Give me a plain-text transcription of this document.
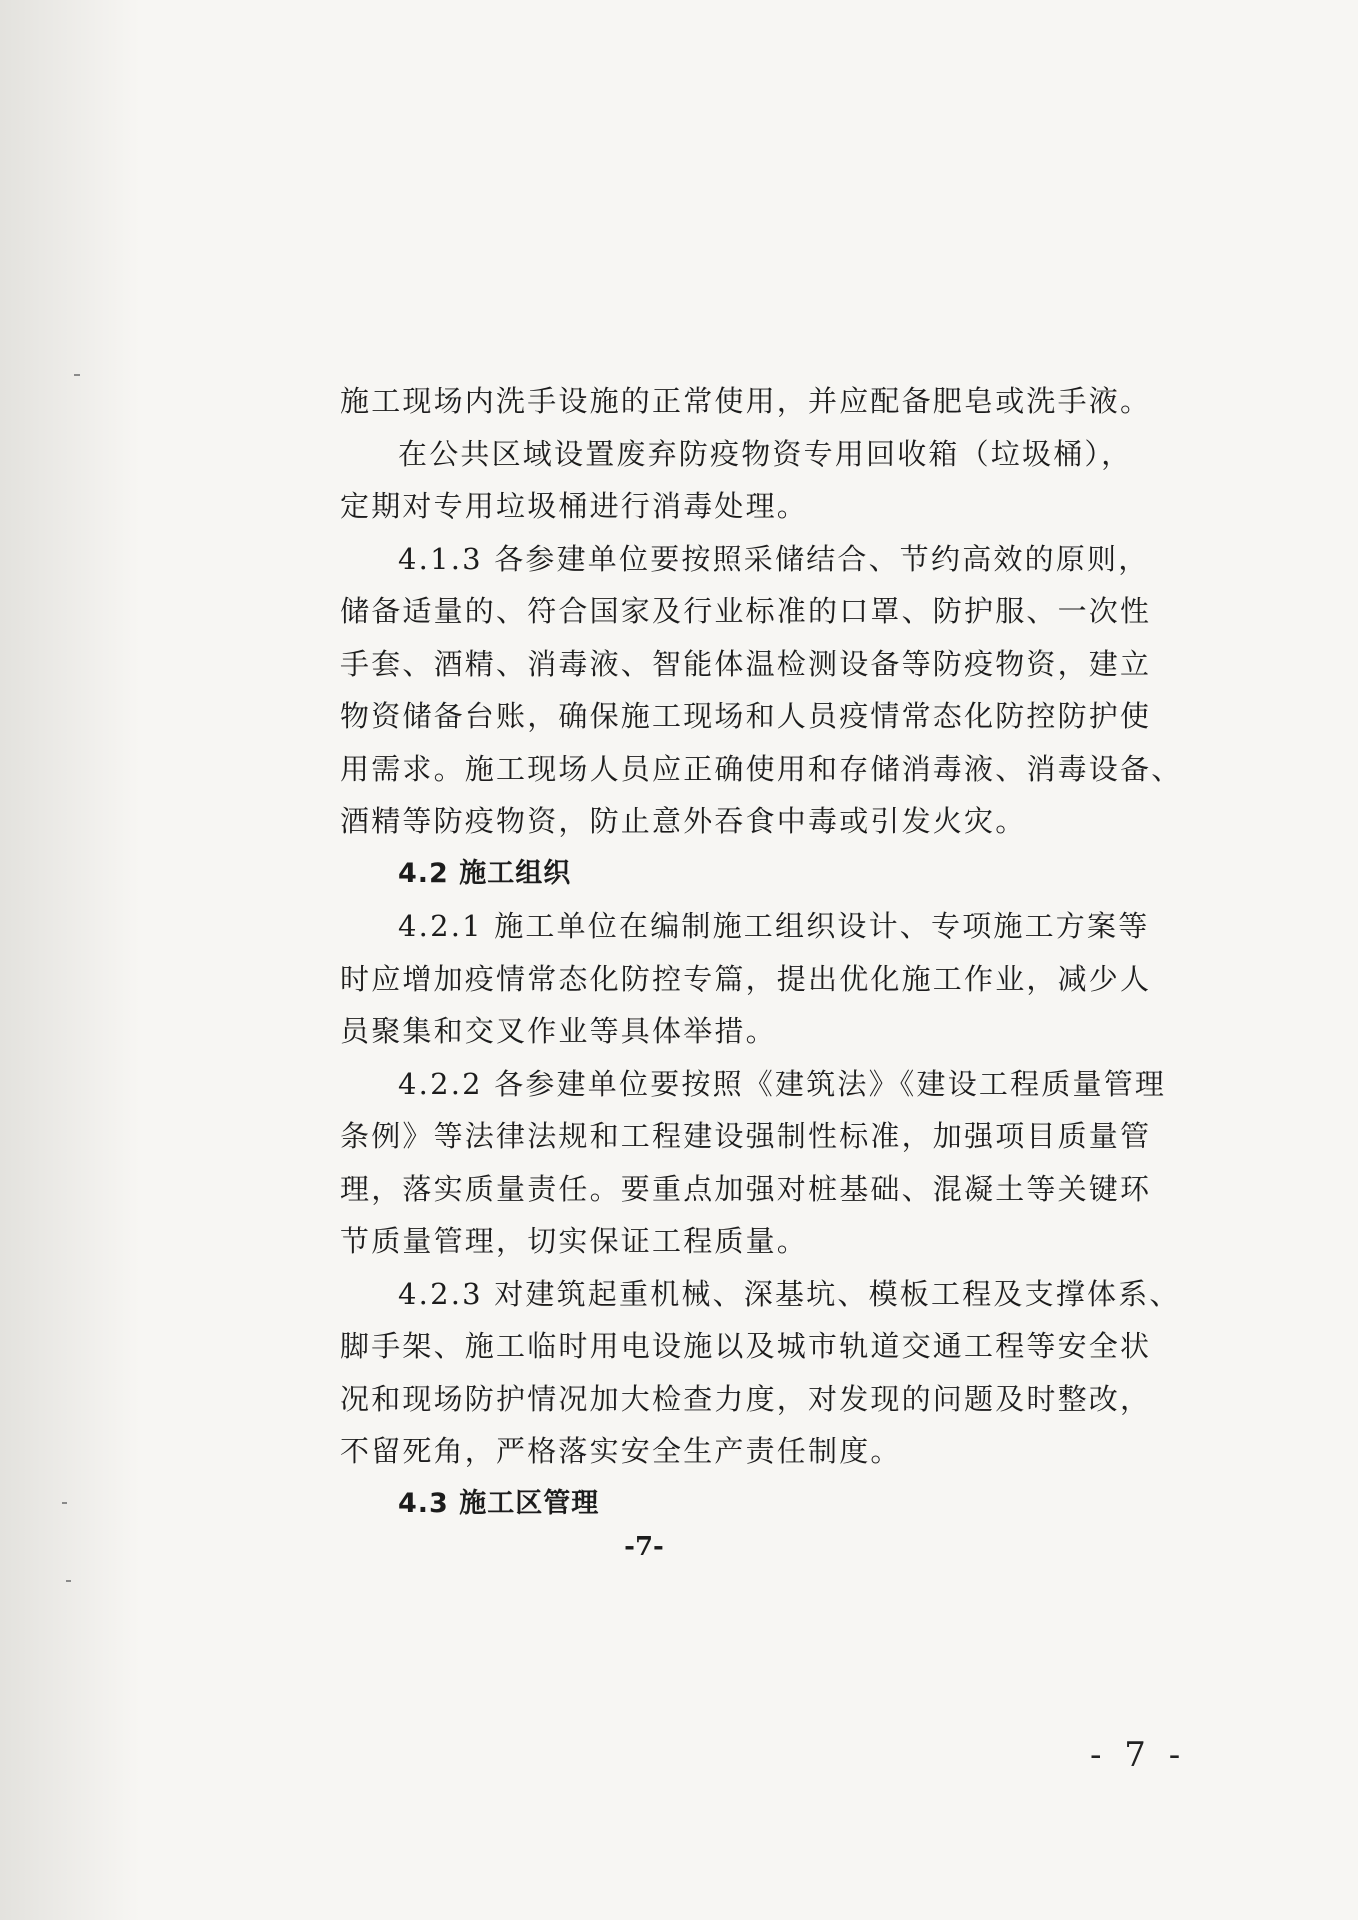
施工现场内洗手设施的正常使用，并应配备肥皂或洗手液。
在公共区域设置废弃防疫物资专用回收箱（垃圾桶），
定期对专用垃圾桶进行消毒处理。
4.1.3 各参建单位要按照采储结合、节约高效的原则，
储备适量的、符合国家及行业标准的口罩、防护服、一次性
手套、酒精、消毒液、智能体温检测设备等防疫物资，建立
物资储备台账，确保施工现场和人员疫情常态化防控防护使
用需求。施工现场人员应正确使用和存储消毒液、消毒设备、
酒精等防疫物资，防止意外吞食中毒或引发火灾。
4.2 施工组织
4.2.1 施工单位在编制施工组织设计、专项施工方案等
时应增加疫情常态化防控专篇，提出优化施工作业，减少人
员聚集和交叉作业等具体举措。
4.2.2 各参建单位要按照《建筑法》《建设工程质量管理
条例》等法律法规和工程建设强制性标准，加强项目质量管
理，落实质量责任。要重点加强对桩基础、混凝土等关键环
节质量管理，切实保证工程质量。
4.2.3 对建筑起重机械、深基坑、模板工程及支撑体系、
脚手架、施工临时用电设施以及城市轨道交通工程等安全状
况和现场防护情况加大检查力度，对发现的问题及时整改，
不留死角，严格落实安全生产责任制度。
4.3 施工区管理
-7-
- 7 -
